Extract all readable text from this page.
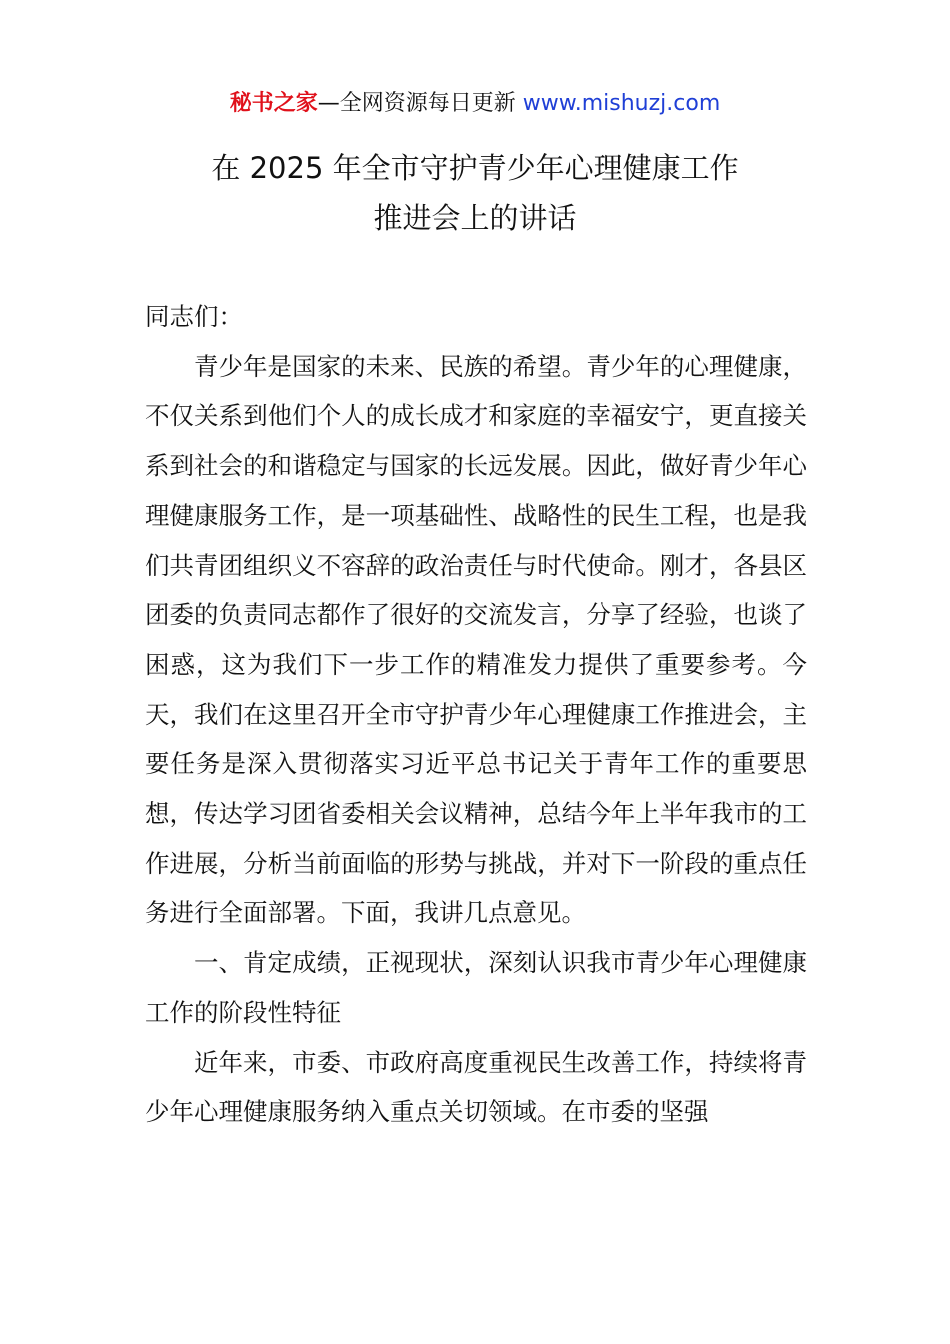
秘书之家—全网资源每日更新 www.mishuzj.com
在 2025 年全市守护青少年心理健康工作
推进会上的讲话

同志们：

青少年是国家的未来、民族的希望。青少年的心理健康，不仅关系到他们个人的成长成才和家庭的幸福安宁，更直接关系到社会的和谐稳定与国家的长远发展。因此，做好青少年心理健康服务工作，是一项基础性、战略性的民生工程，也是我们共青团组织义不容辞的政治责任与时代使命。刚才，各县区团委的负责同志都作了很好的交流发言，分享了经验，也谈了困惑，这为我们下一步工作的精准发力提供了重要参考。今天，我们在这里召开全市守护青少年心理健康工作推进会，主要任务是深入贯彻落实习近平总书记关于青年工作的重要思想，传达学习团省委相关会议精神，总结今年上半年我市的工作进展，分析当前面临的形势与挑战，并对下一阶段的重点任务进行全面部署。下面，我讲几点意见。

一、肯定成绩，正视现状，深刻认识我市青少年心理健康工作的阶段性特征

近年来，市委、市政府高度重视民生改善工作，持续将青少年心理健康服务纳入重点关切领域。在市委的坚强
